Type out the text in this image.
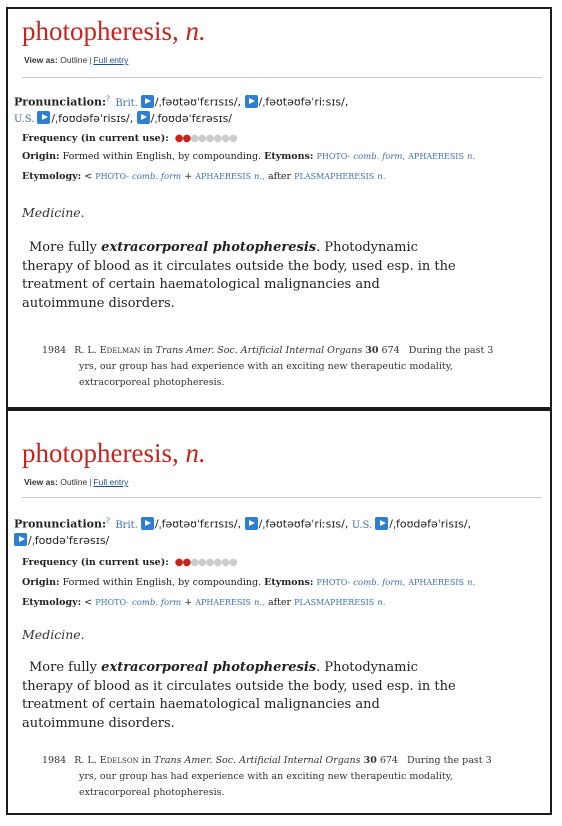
photopheresis, n.
View as: Outline | Full entry
Pronunciation:? Brit. /ˌfəʊtəʊˈfɛrɪsɪs/, /ˌfəʊtəʊfəˈriːsɪs/,
U.S. /ˌfoʊdəfəˈrisɪs/, /ˌfoʊdəˈfɛrəsɪs/
Frequency (in current use): ●●●●●●●●
Origin: Formed within English, by compounding. Etymons: PHOTO- comb. form, APHAERESIS n.
Etymology: < PHOTO- comb. form + APHAERESIS n., after PLASMAPHERESIS n.
Medicine.
More fully extracorporeal photopheresis. Photodynamic
therapy of blood as it circulates outside the body, used esp. in the
treatment of certain haematological malignancies and
autoimmune disorders.
1984 R. L. Edelman in Trans Amer. Soc. Artificial Internal Organs 30 674 During the past 3
yrs, our group has had experience with an exciting new therapeutic modality,
extracorporeal photopheresis.
photopheresis, n.
View as: Outline | Full entry
Pronunciation:? Brit. /ˌfəʊtəʊˈfɛrɪsɪs/, /ˌfəʊtəʊfəˈriːsɪs/, U.S. /ˌfoʊdəfəˈrisɪs/,
/ˌfoʊdəˈfɛrəsɪs/
Frequency (in current use): ●●●●●●●●
Origin: Formed within English, by compounding. Etymons: PHOTO- comb. form, APHAERESIS n.
Etymology: < PHOTO- comb. form + APHAERESIS n., after PLASMAPHERESIS n.
Medicine.
More fully extracorporeal photopheresis. Photodynamic
therapy of blood as it circulates outside the body, used esp. in the
treatment of certain haematological malignancies and
autoimmune disorders.
1984 R. L. Edelson in Trans Amer. Soc. Artificial Internal Organs 30 674 During the past 3
yrs, our group has had experience with an exciting new therapeutic modality,
extracorporeal photopheresis.
